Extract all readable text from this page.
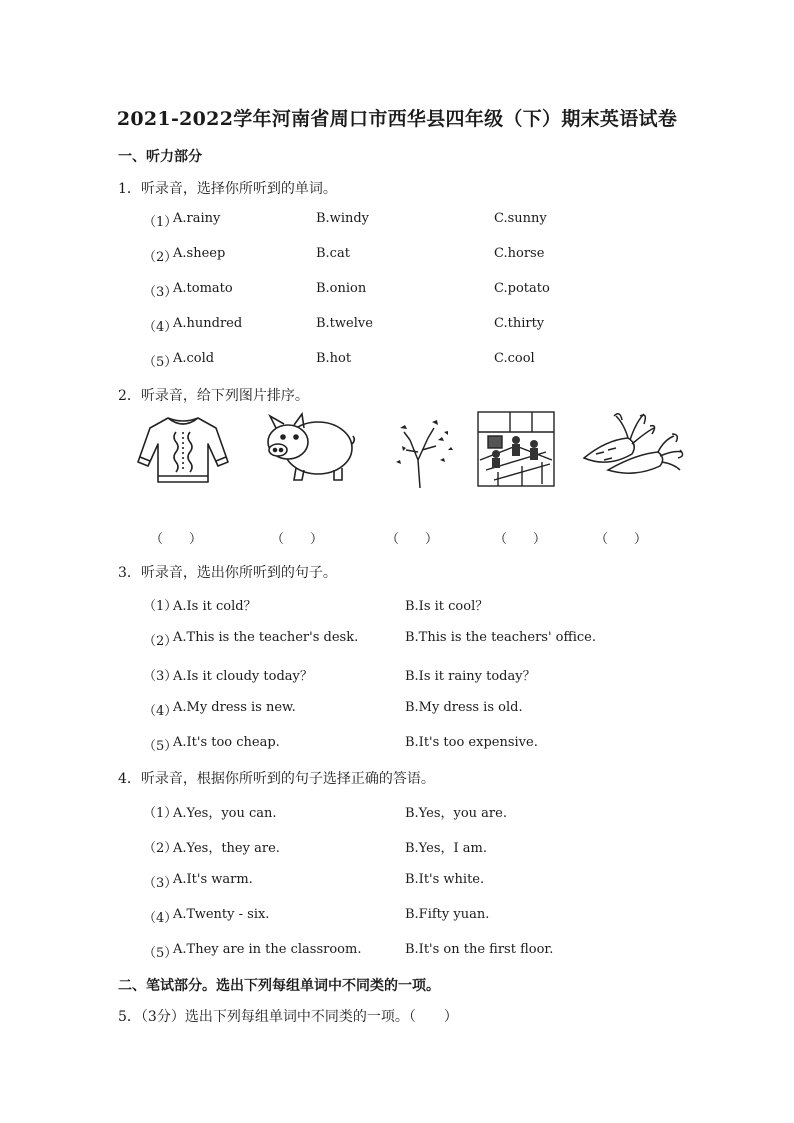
2021-2022学年河南省周口市西华县四年级（下）期末英语试卷
一、听力部分
1．听录音，选择你所听到的单词。
（1）
A.rainy	B.windy	C.sunny
（2）
A.sheep	B.cat	C.horse
（3）
A.tomato	B.onion	C.potato
（4）
A.hundred	B.twelve	C.thirty
（5）
A.cold	B.hot	C.cool
2．听录音，给下列图片排序。
（　　）	（　　）	（　　）	（　　）	（　　）
3．听录音，选出你所听到的句子。
（1）
A.Is it cold？	B.Is it cool？
（2）
A.This is the teacher's desk.	B.This is the teachers' office.
（3）
A.Is it cloudy today？	B.Is it rainy today？
（4）
A.My dress is new.	B.My dress is old.
（5）
A.It's too cheap.	B.It's too expensive.
4．听录音，根据你所听到的句子选择正确的答语。
（1）
A.Yes，you can.	B.Yes，you are.
（2）
A.Yes，they are.	B.Yes，I am.
（3）
A.It's warm.	B.It's white.
（4）
A.Twenty - six.	B.Fifty yuan.
（5）
A.They are in the classroom.	B.It's on the first floor.
二、笔试部分。选出下列每组单词中不同类的一项。
5．（3分）选出下列每组单词中不同类的一项。（　　）
